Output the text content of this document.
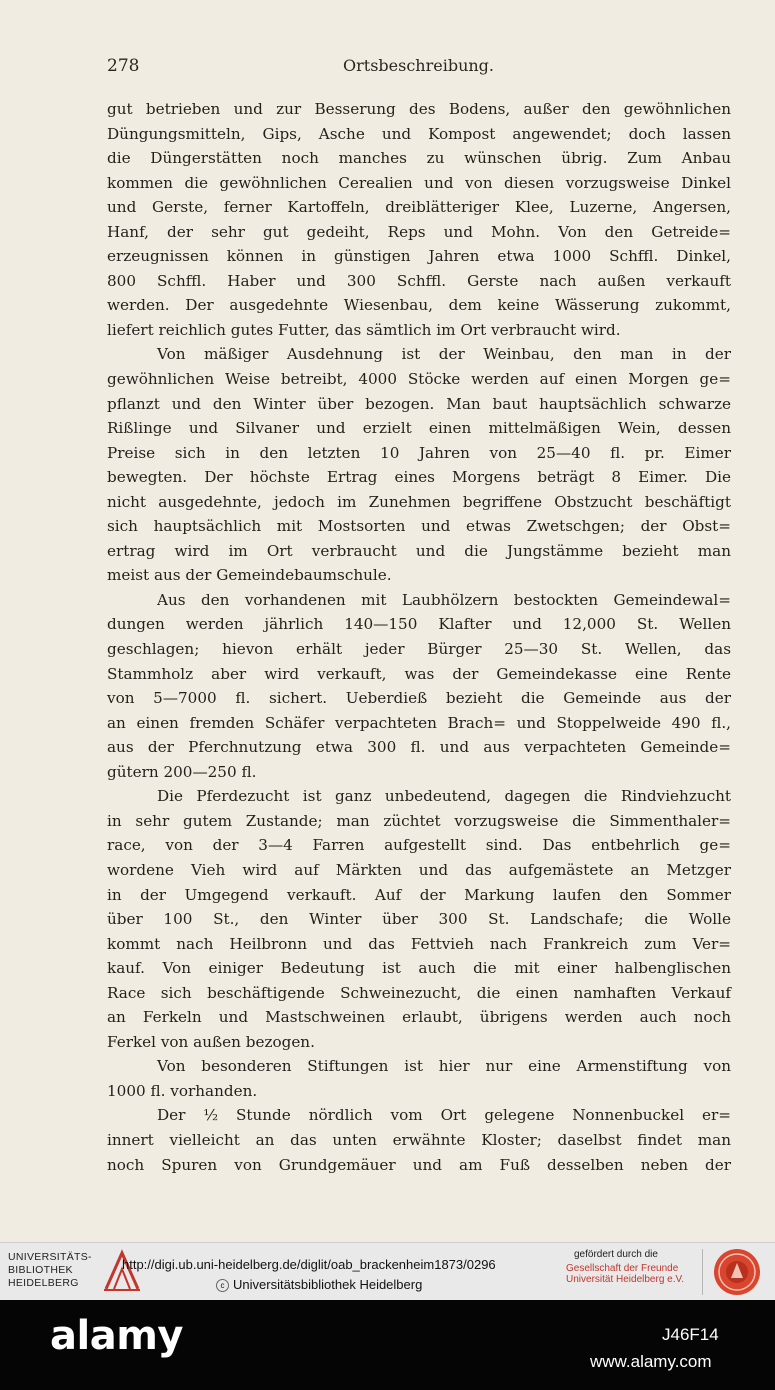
278	Ortsbeschreibung.
gut betrieben und zur Besserung des Bodens, außer den gewöhnlichen
Düngungsmitteln, Gips, Asche und Kompost angewendet; doch lassen
die Düngerstätten noch manches zu wünschen übrig. Zum Anbau
kommen die gewöhnlichen Cerealien und von diesen vorzugsweise Dinkel
und Gerste, ferner Kartoffeln, dreiblätteriger Klee, Luzerne, Angersen,
Hanf, der sehr gut gedeiht, Reps und Mohn. Von den Getreide=
erzeugnissen können in günstigen Jahren etwa 1000 Schffl. Dinkel,
800 Schffl. Haber und 300 Schffl. Gerste nach außen verkauft
werden. Der ausgedehnte Wiesenbau, dem keine Wässerung zukommt,
liefert reichlich gutes Futter, das sämtlich im Ort verbraucht wird.
Von mäßiger Ausdehnung ist der Weinbau, den man in der
gewöhnlichen Weise betreibt, 4000 Stöcke werden auf einen Morgen ge=
pflanzt und den Winter über bezogen. Man baut hauptsächlich schwarze
Rißlinge und Silvaner und erzielt einen mittelmäßigen Wein, dessen
Preise sich in den letzten 10 Jahren von 25—40 fl. pr. Eimer
bewegten. Der höchste Ertrag eines Morgens beträgt 8 Eimer. Die
nicht ausgedehnte, jedoch im Zunehmen begriffene Obstzucht beschäftigt
sich hauptsächlich mit Mostsorten und etwas Zwetschgen; der Obst=
ertrag wird im Ort verbraucht und die Jungstämme bezieht man
meist aus der Gemeindebaumschule.
Aus den vorhandenen mit Laubhölzern bestockten Gemeindewal=
dungen werden jährlich 140—150 Klafter und 12,000 St. Wellen
geschlagen; hievon erhält jeder Bürger 25—30 St. Wellen, das
Stammholz aber wird verkauft, was der Gemeindekasse eine Rente
von 5—7000 fl. sichert. Ueberdieß bezieht die Gemeinde aus der
an einen fremden Schäfer verpachteten Brach= und Stoppelweide 490 fl.,
aus der Pferchnutzung etwa 300 fl. und aus verpachteten Gemeinde=
gütern 200—250 fl.
Die Pferdezucht ist ganz unbedeutend, dagegen die Rindviehzucht
in sehr gutem Zustande; man züchtet vorzugsweise die Simmenthaler=
race, von der 3—4 Farren aufgestellt sind. Das entbehrlich ge=
wordene Vieh wird auf Märkten und das aufgemästete an Metzger
in der Umgegend verkauft. Auf der Markung laufen den Sommer
über 100 St., den Winter über 300 St. Landschafe; die Wolle
kommt nach Heilbronn und das Fettvieh nach Frankreich zum Ver=
kauf. Von einiger Bedeutung ist auch die mit einer halbenglischen
Race sich beschäftigende Schweinezucht, die einen namhaften Verkauf
an Ferkeln und Mastschweinen erlaubt, übrigens werden auch noch
Ferkel von außen bezogen.
Von besonderen Stiftungen ist hier nur eine Armenstiftung von
1000 fl. vorhanden.
Der ½ Stunde nördlich vom Ort gelegene Nonnenbuckel er=
innert vielleicht an das unten erwähnte Kloster; daselbst findet man
noch Spuren von Grundgemäuer und am Fuß desselben neben der
UNIVERSITÄTS-
BIBLIOTHEK
HEIDELBERG
http://digi.ub.uni-heidelberg.de/diglit/oab_brackenheim1873/0296
c Universitätsbibliothek Heidelberg
gefördert durch die
Gesellschaft der Freunde
Universität Heidelberg e.V.
alamy	J46F14
www.alamy.com
